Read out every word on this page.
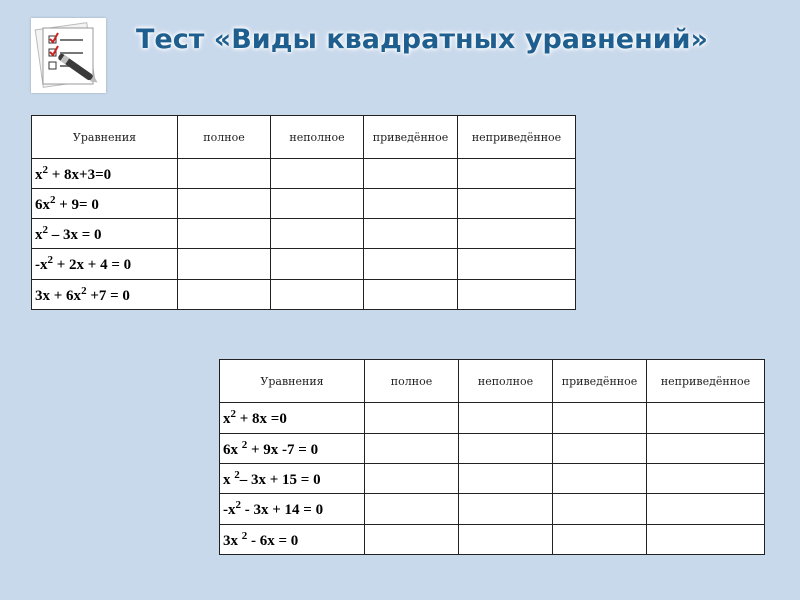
Тест «Виды квадратных уравнений»
Уравнения	полное	неполное	приведённое	неприведённое
$x^2 + 8x+3=0$				
$6x^2 + 9= 0$				
$x^2 - 3x = 0$				
$-x^2 + 2x + 4 = 0$				
$3x + 6x^2 +7 = 0$				
Уравнения	полное	неполное	приведённое	неприведённое
$x^2 + 8x =0$				
6x $^2$ + 9x -7 = 0				
x $^2$– 3x + 15 = 0				
$-x^2 - 3x + 14 = 0$				
3x $^2$ - 6x = 0				
